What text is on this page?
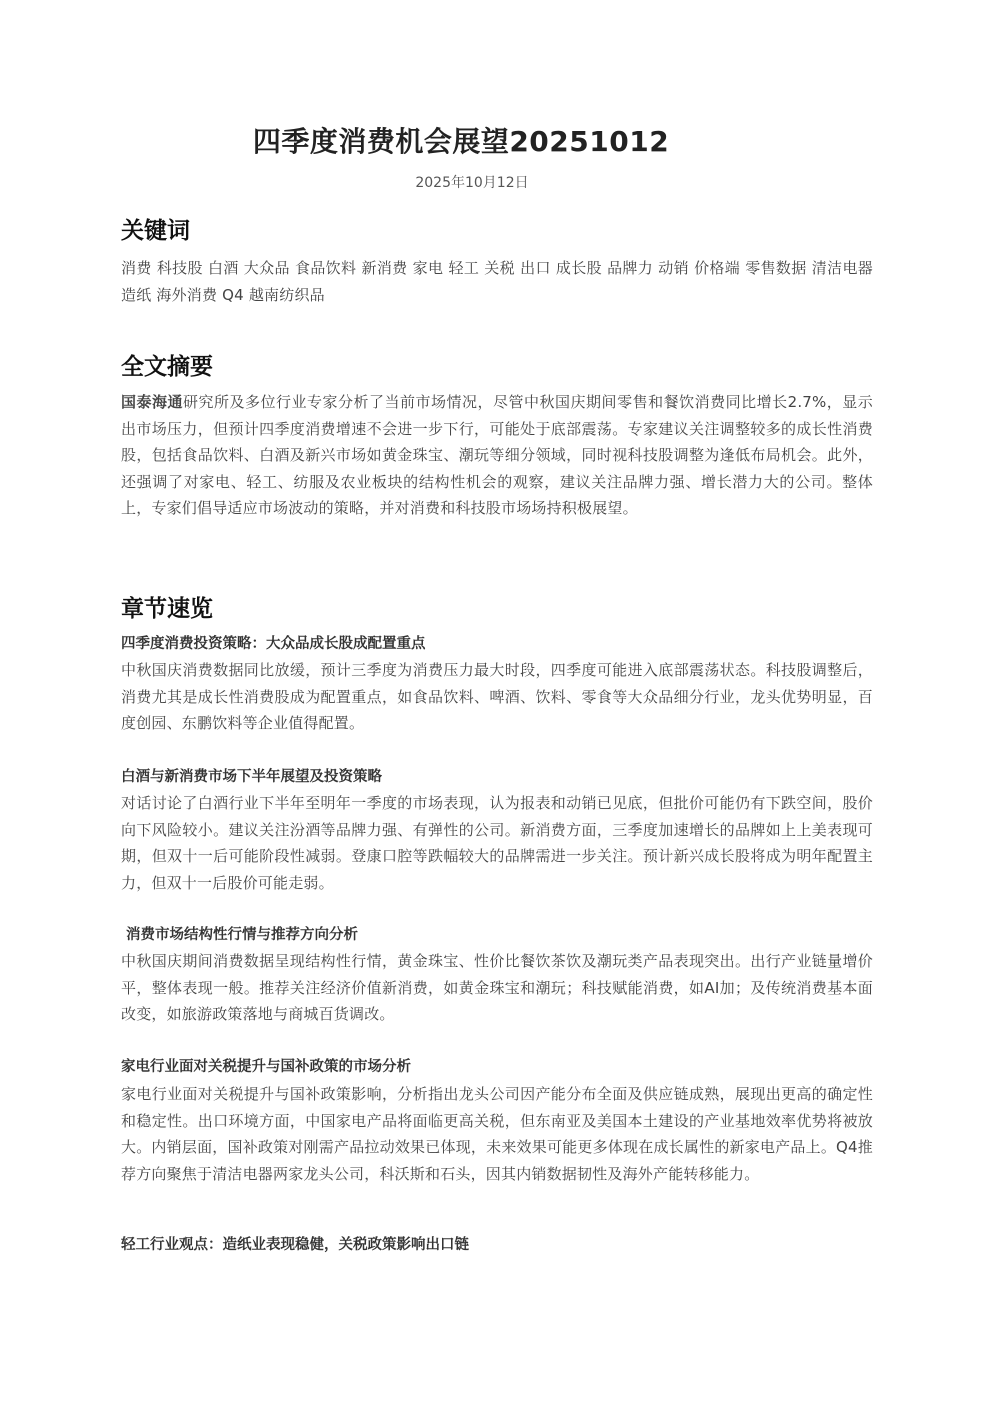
四季度消费机会展望20251012
2025年10月12日
关键词
消费 科技股 白酒 大众品 食品饮料 新消费 家电 轻工 关税 出口 成长股 品牌力 动销 价格端 零售数据 清洁电器 造纸 海外消费 Q4 越南纺织品
全文摘要
国泰海通研究所及多位行业专家分析了当前市场情况，尽管中秋国庆期间零售和餐饮消费同比增长2.7%，显示出市场压力，但预计四季度消费增速不会进一步下行，可能处于底部震荡。专家建议关注调整较多的成长性消费股，包括食品饮料、白酒及新兴市场如黄金珠宝、潮玩等细分领域，同时视科技股调整为逢低布局机会。此外，还强调了对家电、轻工、纺服及农业板块的结构性机会的观察，建议关注品牌力强、增长潜力大的公司。整体上，专家们倡导适应市场波动的策略，并对消费和科技股市场场持积极展望。
章节速览
四季度消费投资策略：大众品成长股成配置重点
中秋国庆消费数据同比放缓，预计三季度为消费压力最大时段，四季度可能进入底部震荡状态。科技股调整后，消费尤其是成长性消费股成为配置重点，如食品饮料、啤酒、饮料、零食等大众品细分行业，龙头优势明显，百度创园、东鹏饮料等企业值得配置。
白酒与新消费市场下半年展望及投资策略
对话讨论了白酒行业下半年至明年一季度的市场表现，认为报表和动销已见底，但批价可能仍有下跌空间，股价向下风险较小。建议关注汾酒等品牌力强、有弹性的公司。新消费方面，三季度加速增长的品牌如上上美表现可期，但双十一后可能阶段性减弱。登康口腔等跌幅较大的品牌需进一步关注。预计新兴成长股将成为明年配置主力，但双十一后股价可能走弱。
消费市场结构性行情与推荐方向分析
中秋国庆期间消费数据呈现结构性行情，黄金珠宝、性价比餐饮茶饮及潮玩类产品表现突出。出行产业链量增价平，整体表现一般。推荐关注经济价值新消费，如黄金珠宝和潮玩；科技赋能消费，如AI加；及传统消费基本面改变，如旅游政策落地与商城百货调改。
家电行业面对关税提升与国补政策的市场分析
家电行业面对关税提升与国补政策影响，分析指出龙头公司因产能分布全面及供应链成熟，展现出更高的确定性和稳定性。出口环境方面，中国家电产品将面临更高关税，但东南亚及美国本土建设的产业基地效率优势将被放大。内销层面，国补政策对刚需产品拉动效果已体现，未来效果可能更多体现在成长属性的新家电产品上。Q4推荐方向聚焦于清洁电器两家龙头公司，科沃斯和石头，因其内销数据韧性及海外产能转移能力。
轻工行业观点：造纸业表现稳健，关税政策影响出口链
